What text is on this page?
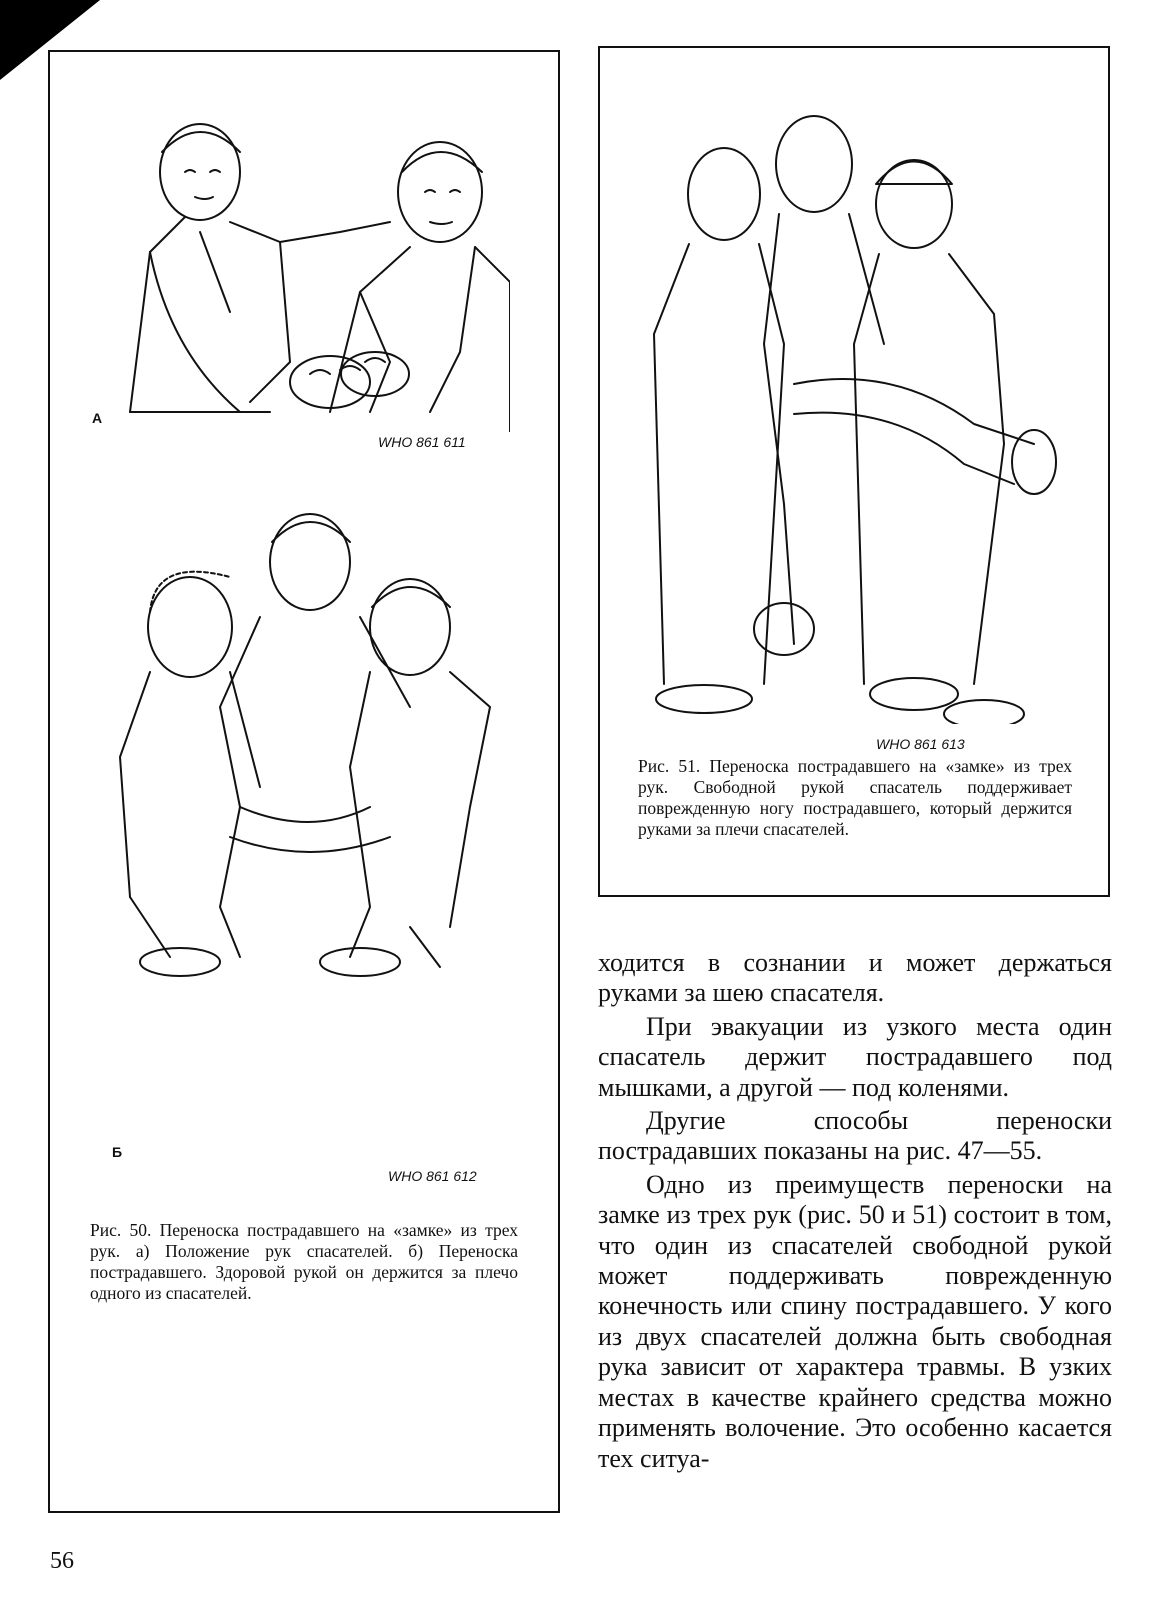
А
WHO 861 611
Б
WHO 861 612

Рис. 50. Переноска пострадавшего на «замке» из трех рук. а) Положение рук спасателей. б) Переноска пострадавшего. Здоровой рукой он держится за плечо одного из спасателей.

WHO 861 613

Рис. 51. Переноска пострадавшего на «замке» из трех рук. Свободной рукой спасатель поддерживает поврежденную ногу пострадавшего, который держится руками за плечи спасателей.

ходится в сознании и может держаться руками за шею спасателя.

При эвакуации из узкого места один спасатель держит пострадавшего под мышками, а другой — под коленями.

Другие способы переноски пострадавших показаны на рис. 47—55.

Одно из преимуществ переноски на замке из трех рук (рис. 50 и 51) состоит в том, что один из спасателей свободной рукой может поддерживать поврежденную конечность или спину пострадавшего. У кого из двух спасателей должна быть свободная рука зависит от характера травмы. В узких местах в качестве крайнего средства можно применять волочение. Это особенно касается тех ситуа-

56
